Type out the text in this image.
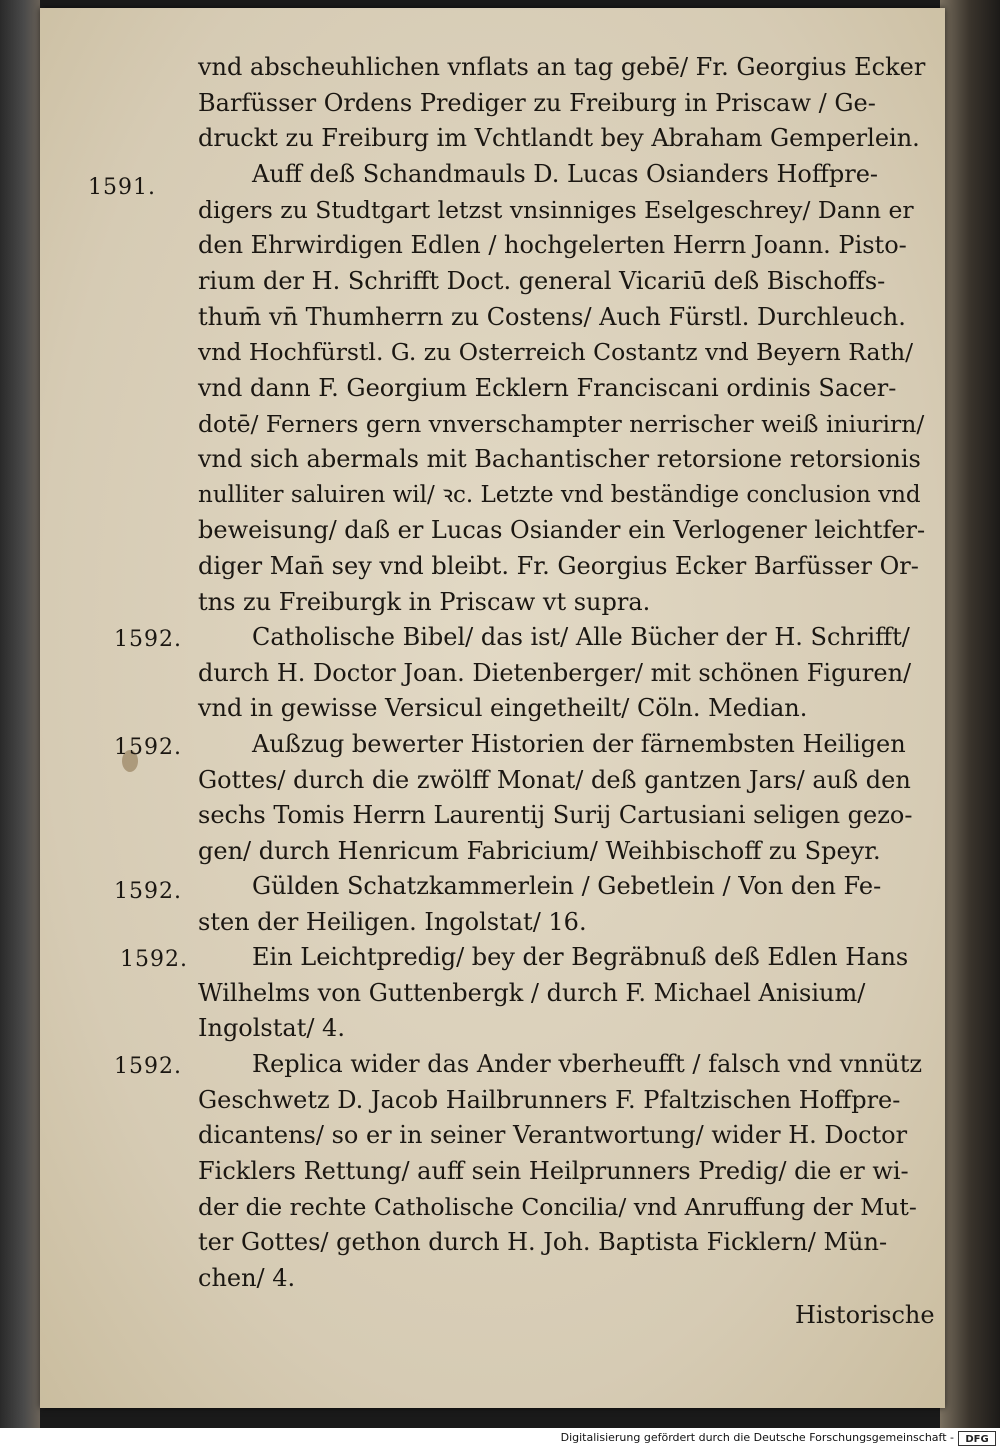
vnd abscheuhlichen vnflats an tag gebē/ Fr. Georgius Ecker
Barfüsser Ordens Prediger zu Freiburg in Priscaw / Ge-
druckt zu Freiburg im Vchtlandt bey Abraham Gemperlein.
1591.	Auff deß Schandmauls D. Lucas Osianders Hoffpre-
digers zu Studtgart letzst vnsinniges Eselgeschrey/ Dann er
den Ehrwirdigen Edlen / hochgelerten Herrn Joann. Pisto-
rium der H. Schrifft Doct. general Vicariū deß Bischoffs-
thum̄ vn̄ Thumherrn zu Costens/ Auch Fürstl. Durchleuch.
vnd Hochfürstl. G. zu Osterreich Costantz vnd Beyern Rath/
vnd dann F. Georgium Ecklern Franciscani ordinis Sacer-
dotē/ Ferners gern vnverschampter nerrischer weiß iniurirn/
vnd sich abermals mit Bachantischer retorsione retorsionis
nulliter saluiren wil/ ꝛc. Letzte vnd beständige conclusion vnd
beweisung/ daß er Lucas Osiander ein Verlogener leichtfer-
diger Man̄ sey vnd bleibt. Fr. Georgius Ecker Barfüsser Or-
tns zu Freiburgk in Priscaw vt supra.
1592.	Catholische Bibel/ das ist/ Alle Bücher der H. Schrifft/
durch H. Doctor Joan. Dietenberger/ mit schönen Figuren/
vnd in gewisse Versicul eingetheilt/ Cöln. Median.
1592.	Außzug bewerter Historien der färnembsten Heiligen
Gottes/ durch die zwölff Monat/ deß gantzen Jars/ auß den
sechs Tomis Herrn Laurentij Surij Cartusiani seligen gezo-
gen/ durch Henricum Fabricium/ Weihbischoff zu Speyr.
1592.	Gülden Schatzkammerlein / Gebetlein / Von den Fe-
sten der Heiligen. Ingolstat/ 16.
1592.	Ein Leichtpredig/ bey der Begräbnuß deß Edlen Hans
Wilhelms von Guttenbergk / durch F. Michael Anisium/
Ingolstat/ 4.
1592.	Replica wider das Ander vberheufft / falsch vnd vnnütz
Geschwetz D. Jacob Hailbrunners F. Pfaltzischen Hoffpre-
dicantens/ so er in seiner Verantwortung/ wider H. Doctor
Ficklers Rettung/ auff sein Heilprunners Predig/ die er wi-
der die rechte Catholische Concilia/ vnd Anruffung der Mut-
ter Gottes/ gethon durch H. Joh. Baptista Ficklern/ Mün-
chen/ 4.
Historische
Digitalisierung gefördert durch die Deutsche Forschungsgemeinschaft -	DFG
